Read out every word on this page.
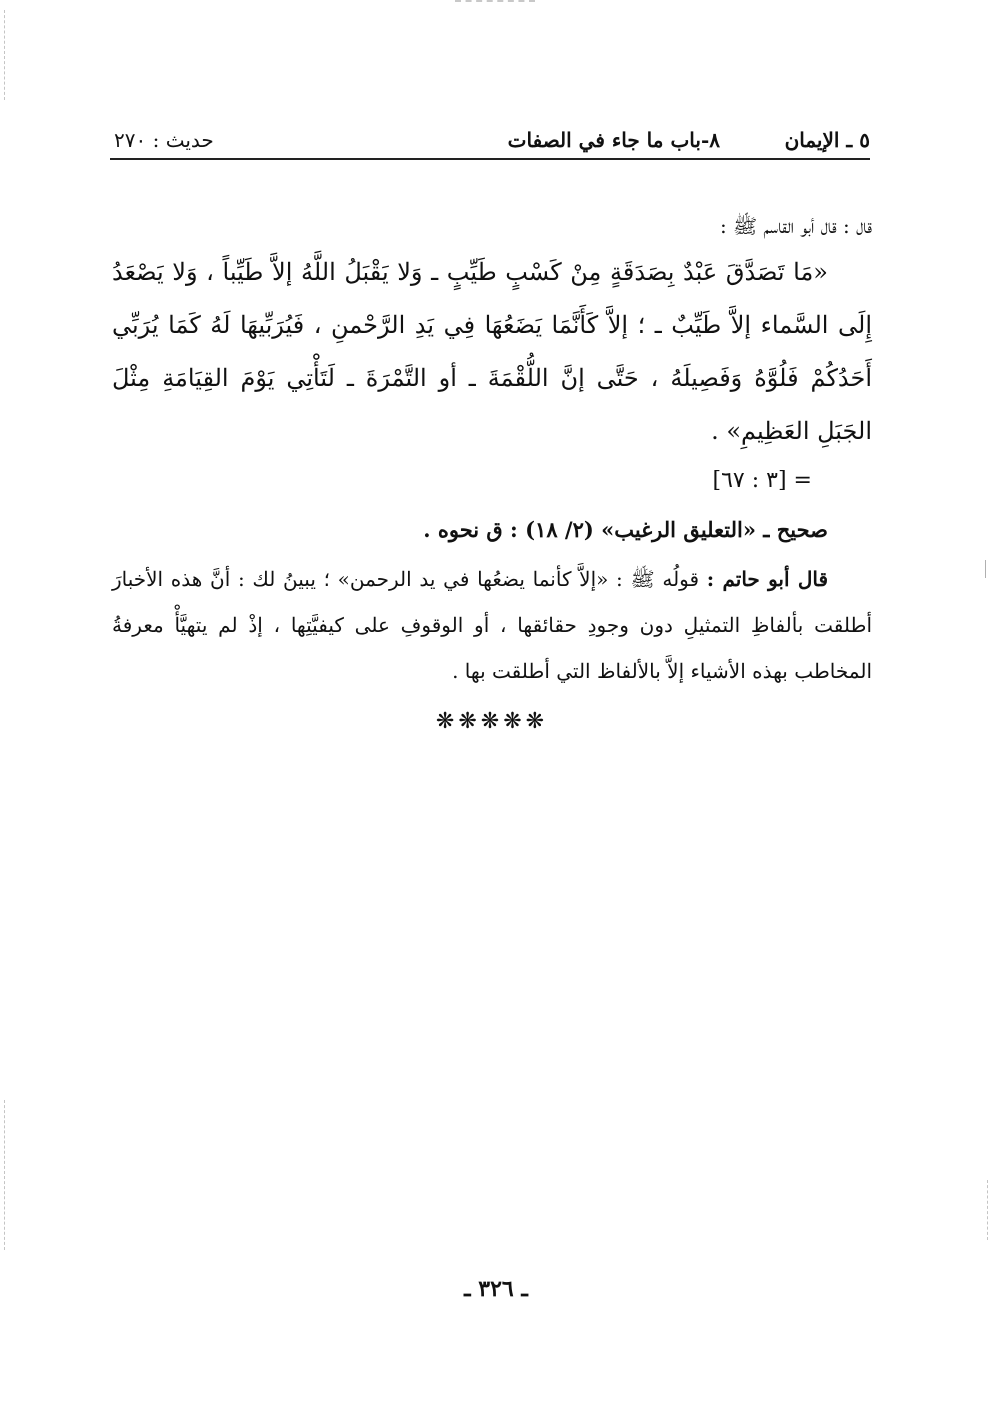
٥ ـ الإيمان
٨-باب ما جاء في الصفات
حديث : ٢٧٠

قال : قال أبو القاسم ﷺ :

«مَا تَصَدَّقَ عَبْدٌ بِصَدَقَةٍ مِنْ كَسْبٍ طَيِّبٍ ـ وَلا يَقْبَلُ اللَّهُ إلاَّ طَيِّباً ، وَلا يَصْعَدُ إِلَى السَّماء إلاَّ طَيِّبٌ ـ ؛ إلاَّ كَأَنَّمَا يَضَعُهَا فِي يَدِ الرَّحْمنِ ، فَيُرَبِّيهَا لَهُ كَمَا يُرَبِّي أَحَدُكُمْ فَلُوَّهُ وَفَصِيلَهُ ، حَتَّى إنَّ اللُّقْمَةَ ـ أو التَّمْرَةَ ـ لَتَأْتِي يَوْمَ القِيَامَةِ مِثْلَ الجَبَلِ العَظِيمِ» .

= [٣ : ٦٧]

صحيح ـ «التعليق الرغيب» (٢/ ١٨) : ق نحوه .

قال أبو حاتم : قولُه ﷺ : «إلاَّ كأنما يضعُها في يد الرحمن» ؛ يبينُ لك : أنَّ هذه الأخبارَ أطلقت بألفاظِ التمثيلِ دون وجودِ حقائقها ، أو الوقوفِ على كيفيَّتِها ، إذْ لم يتهيَّأْ معرفةُ المخاطب بهذه الأشياء إلاَّ بالألفاظ التي أطلقت بها .

❋❋❋❋❋

ـ ٣٢٦ ـ
